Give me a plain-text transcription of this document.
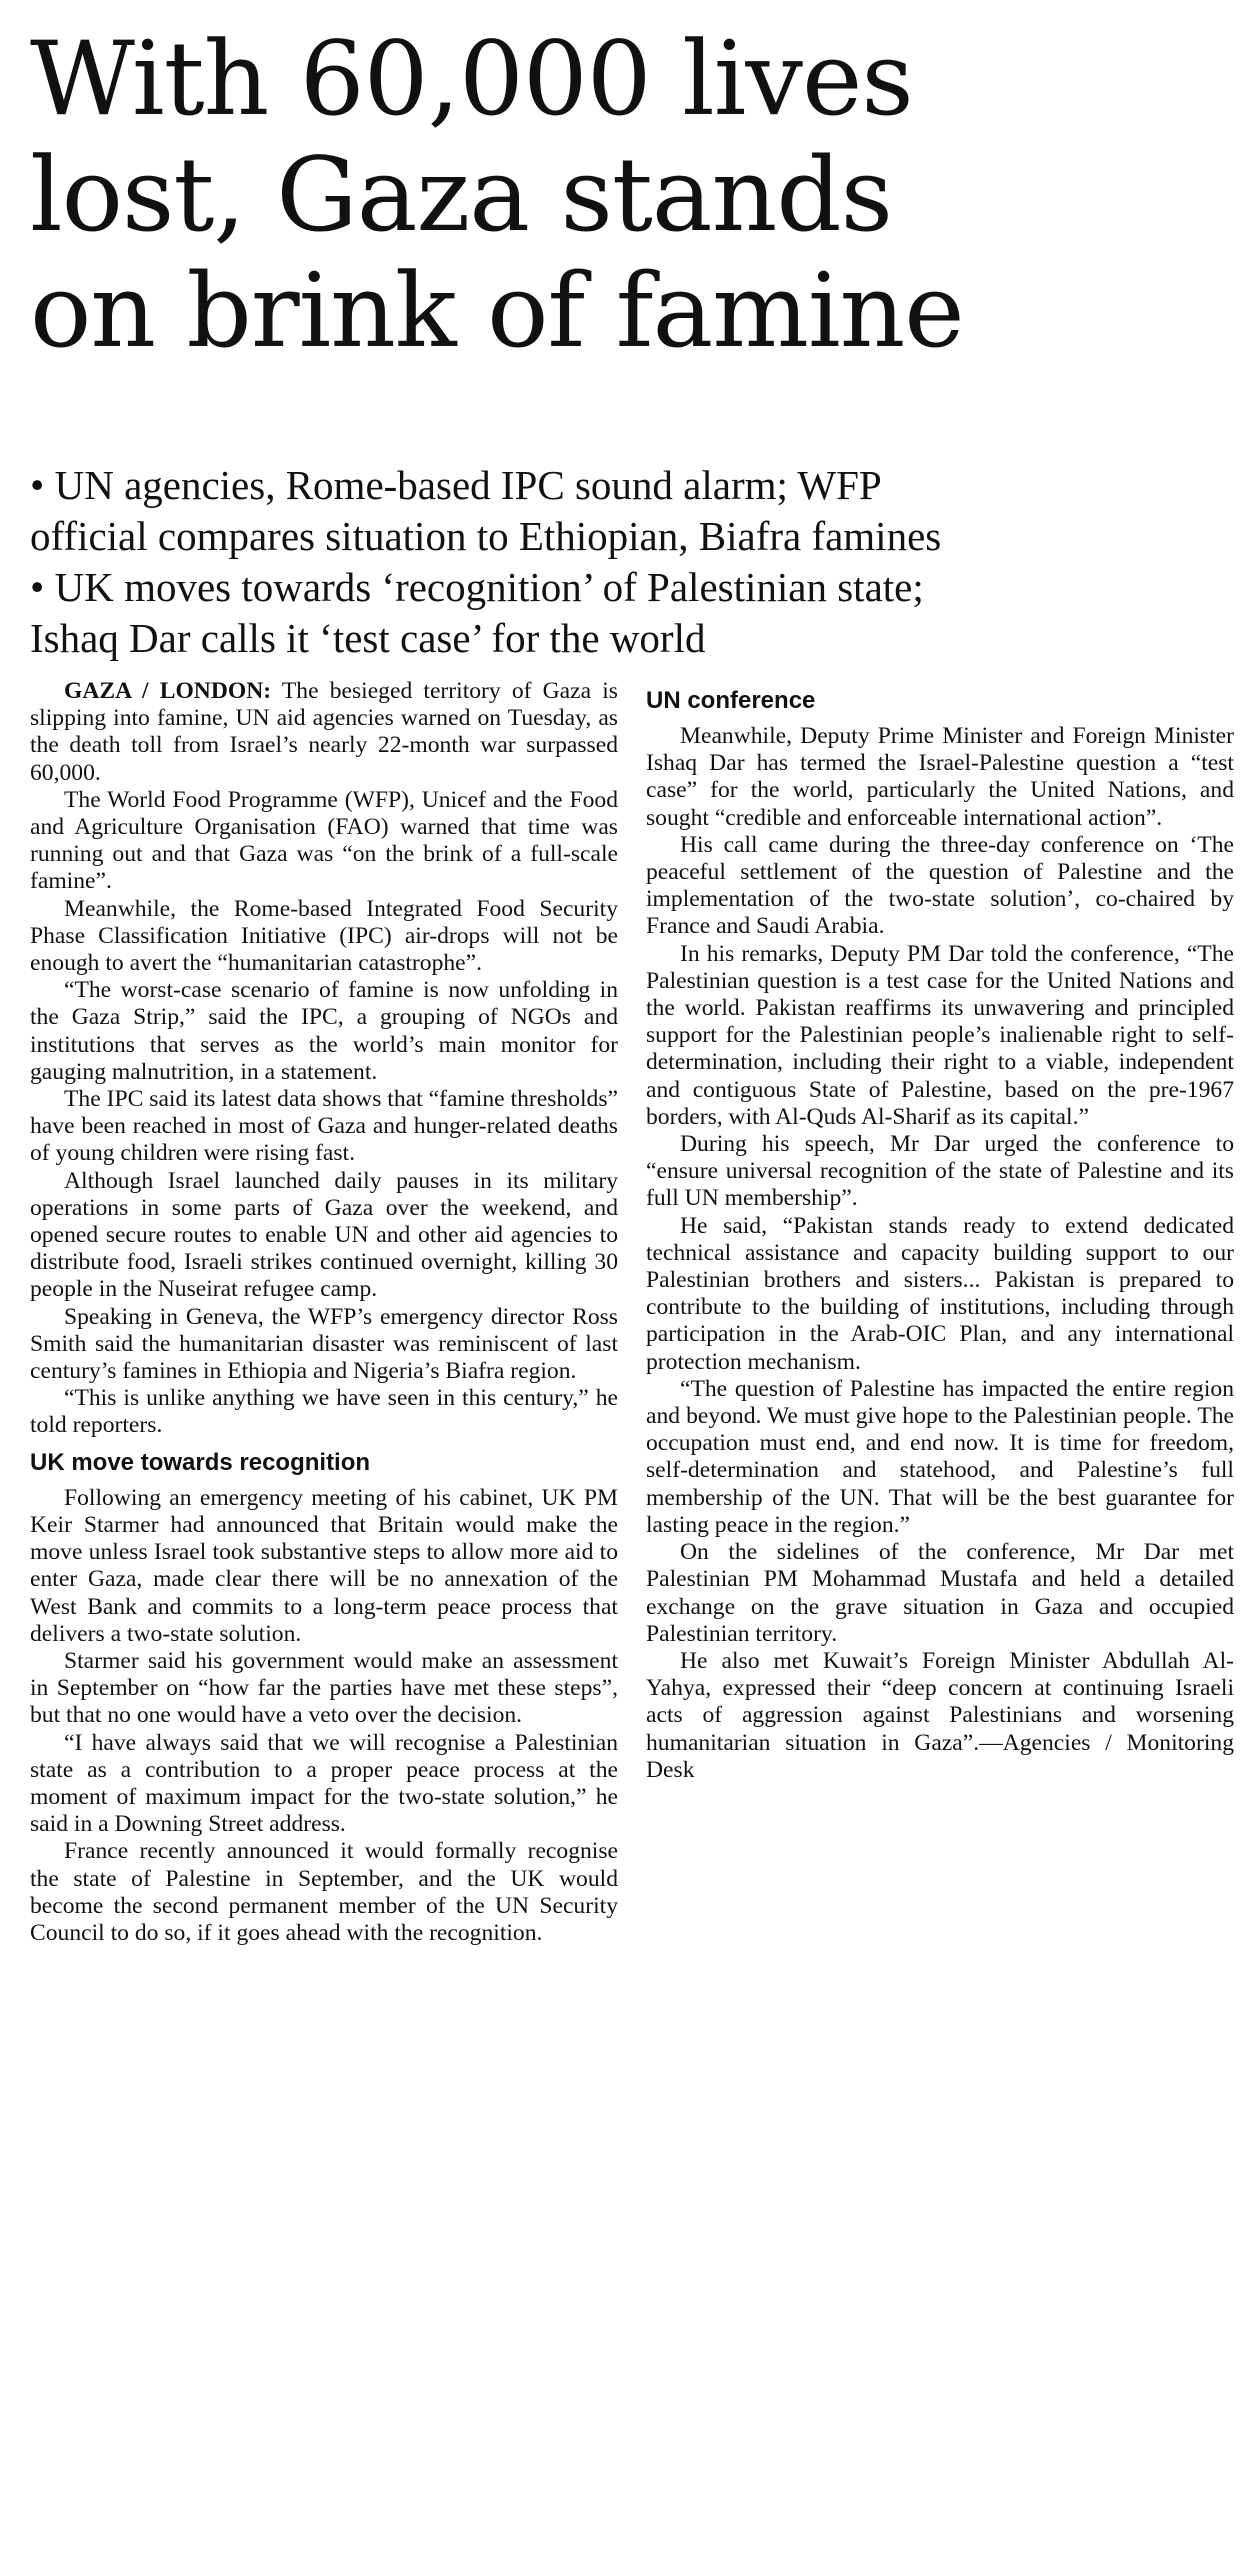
With 60,000 lives
lost, Gaza stands
on brink of famine
• UN agencies, Rome-based IPC sound alarm; WFP
official compares situation to Ethiopian, Biafra famines
• UK moves towards ‘recognition’ of Palestinian state;
Ishaq Dar calls it ‘test case’ for the world

GAZA / LONDON: The besieged territory of Gaza is slipping into famine, UN aid agencies warned on Tuesday, as the death toll from Israel’s nearly 22-month war surpassed 60,000.

The World Food Programme (WFP), Unicef and the Food and Agriculture Organisation (FAO) warned that time was running out and that Gaza was “on the brink of a full-scale famine”.

Meanwhile, the Rome-based Integrated Food Security Phase Classification Initiative (IPC) air-drops will not be enough to avert the “humanitarian catastrophe”.

“The worst-case scenario of famine is now unfolding in the Gaza Strip,” said the IPC, a grouping of NGOs and institutions that serves as the world’s main monitor for gauging malnutrition, in a statement.

The IPC said its latest data shows that “famine thresholds” have been reached in most of Gaza and hunger-related deaths of young children were rising fast.

Although Israel launched daily pauses in its military operations in some parts of Gaza over the weekend, and opened secure routes to enable UN and other aid agencies to distribute food, Israeli strikes continued overnight, killing 30 people in the Nuseirat refugee camp.

Speaking in Geneva, the WFP’s emergency director Ross Smith said the humanitarian disaster was reminiscent of last century’s famines in Ethiopia and Nigeria’s Biafra region.

“This is unlike anything we have seen in this century,” he told reporters.

UK move towards recognition

Following an emergency meeting of his cabinet, UK PM Keir Starmer had announced that Britain would make the move unless Israel took substantive steps to allow more aid to enter Gaza, made clear there will be no annexation of the West Bank and commits to a long-term peace process that delivers a two-state solution.

Starmer said his government would make an assessment in September on “how far the parties have met these steps”, but that no one would have a veto over the decision.

“I have always said that we will recognise a Palestinian state as a contribution to a proper peace process at the moment of maximum impact for the two-state solution,” he said in a Downing Street address.

France recently announced it would formally recognise the state of Palestine in September, and the UK would become the second permanent member of the UN Security Council to do so, if it goes ahead with the recognition.

UN conference

Meanwhile, Deputy Prime Minister and Foreign Minister Ishaq Dar has termed the Israel-Palestine question a “test case” for the world, particularly the United Nations, and sought “credible and enforceable international action”.

His call came during the three-day conference on ‘The peaceful settlement of the question of Palestine and the implementation of the two-state solution’, co-chaired by France and Saudi Arabia.

In his remarks, Deputy PM Dar told the conference, “The Palestinian question is a test case for the United Nations and the world. Pakistan reaffirms its unwavering and principled support for the Palestinian people’s inalienable right to self-determination, including their right to a viable, independent and contiguous State of Palestine, based on the pre-1967 borders, with Al-Quds Al-Sharif as its capital.”

During his speech, Mr Dar urged the conference to “ensure universal recognition of the state of Palestine and its full UN membership”.

He said, “Pakistan stands ready to extend dedicated technical assistance and capacity building support to our Palestinian brothers and sisters... Pakistan is prepared to contribute to the building of institutions, including through participation in the Arab-OIC Plan, and any international protection mechanism.

“The question of Palestine has impacted the entire region and beyond. We must give hope to the Palestinian people. The occupation must end, and end now. It is time for freedom, self-determination and statehood, and Palestine’s full membership of the UN. That will be the best guarantee for lasting peace in the region.”

On the sidelines of the conference, Mr Dar met Palestinian PM Mohammad Mustafa and held a detailed exchange on the grave situation in Gaza and occupied Palestinian territory.

He also met Kuwait’s Foreign Minister Abdullah Al-Yahya, expressed their “deep concern at continuing Israeli acts of aggression against Palestinians and worsening humanitarian situation in Gaza”.—Agencies / Monitoring Desk
